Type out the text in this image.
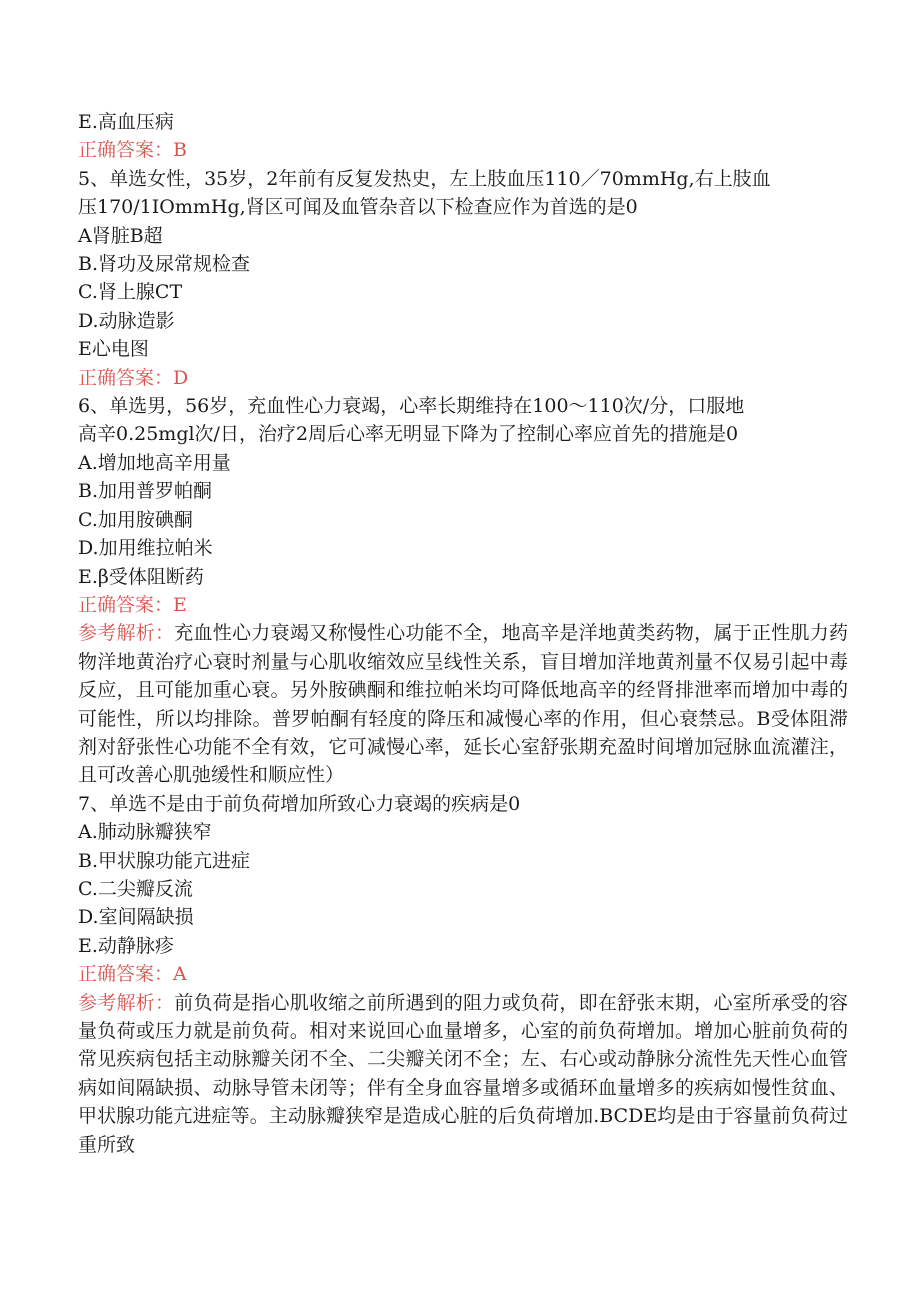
E.高血压病
正确答案：B
5、单选女性，35岁，2年前有反复发热史，左上肢血压110／70mmHg,右上肢血
压170/1IOmmHg,肾区可闻及血管杂音以下检查应作为首选的是0
A肾脏B超
B.肾功及尿常规检查
C.肾上腺CT
D.动脉造影
E心电图
正确答案：D
6、单选男，56岁，充血性心力衰竭，心率长期维持在100～110次/分，口服地
高辛0.25mgl次/日，治疗2周后心率无明显下降为了控制心率应首先的措施是0
A.增加地高辛用量
B.加用普罗帕酮
C.加用胺碘酮
D.加用维拉帕米
E.β受体阻断药
正确答案：E
参考解析：充血性心力衰竭又称慢性心功能不全，地高辛是洋地黄类药物，属于正性肌力药物洋地黄治疗心衰时剂量与心肌收缩效应呈线性关系，盲目增加洋地黄剂量不仅易引起中毒反应，且可能加重心衰。另外胺碘酮和维拉帕米均可降低地高辛的经肾排泄率而增加中毒的可能性，所以均排除。普罗帕酮有轻度的降压和减慢心率的作用，但心衰禁忌。B受体阻滞剂对舒张性心功能不全有效，它可减慢心率，延长心室舒张期充盈时间增加冠脉血流灌注，且可改善心肌弛缓性和顺应性）
7、单选不是由于前负荷增加所致心力衰竭的疾病是0
A.肺动脉瓣狭窄
B.甲状腺功能亢进症
C.二尖瓣反流
D.室间隔缺损
E.动静脉疹
正确答案：A
参考解析：前负荷是指心肌收缩之前所遇到的阻力或负荷，即在舒张末期，心室所承受的容量负荷或压力就是前负荷。相对来说回心血量增多，心室的前负荷增加。增加心脏前负荷的常见疾病包括主动脉瓣关闭不全、二尖瓣关闭不全；左、右心或动静脉分流性先天性心血管病如间隔缺损、动脉导管未闭等；伴有全身血容量增多或循环血量增多的疾病如慢性贫血、甲状腺功能亢进症等。主动脉瓣狭窄是造成心脏的后负荷增加.BCDE均是由于容量前负荷过重所致
